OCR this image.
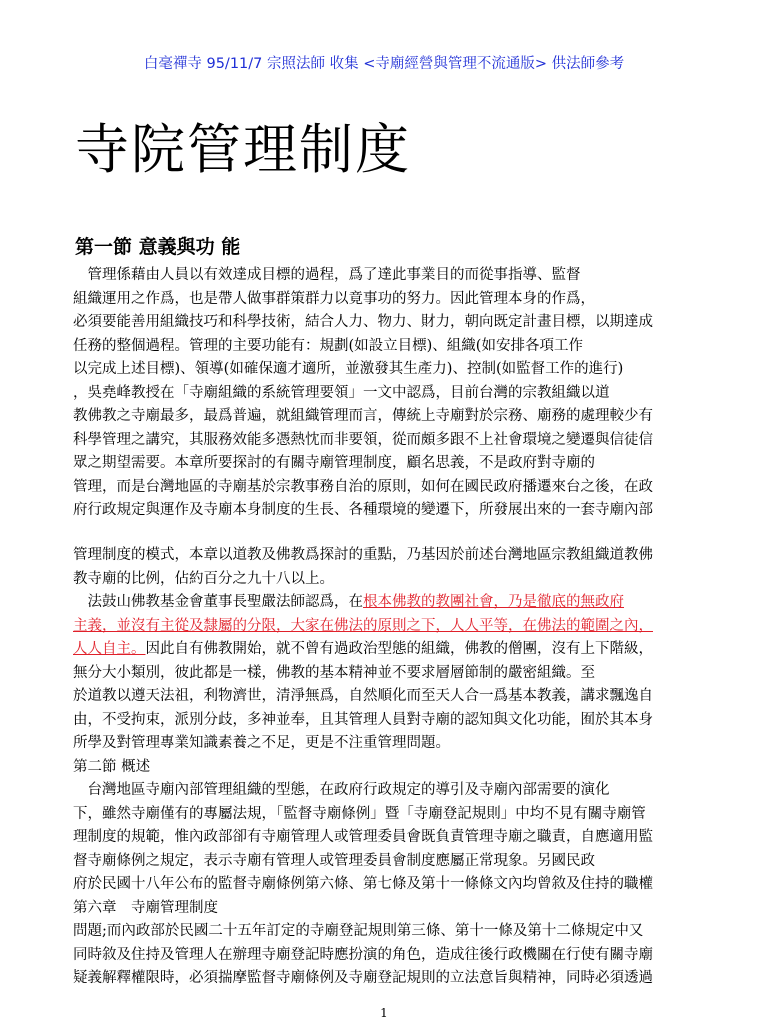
白毫禪寺 95/11/7 宗照法師 收集 <寺廟經營與管理不流通版> 供法師參考
寺院管理制度
第一節 意義與功 能
　管理係藉由人員以有效達成目標的過程，爲了達此事業目的而從事指導、監督
組織運用之作爲，也是帶人做事群策群力以竟事功的努力。因此管理本身的作爲，
必須要能善用組織技巧和科學技術，結合人力、物力、財力，朝向既定計畫目標，以期達成
任務的整個過程。管理的主要功能有：規劃(如設立目標)、組織(如安排各項工作
以完成上述目標)、領導(如確保適才適所，並激發其生產力)、控制(如監督工作的進行)
，吳堯峰教授在「寺廟組織的系統管理要領」一文中認爲，目前台灣的宗教組織以道
教佛教之寺廟最多，最爲普遍，就組織管理而言，傳統上寺廟對於宗務、廟務的處理較少有
科學管理之講究，其服務效能多憑熱忱而非要領，從而頗多跟不上社會環境之變遷與信徒信
眾之期望需要。本章所要探討的有關寺廟管理制度，顧名思義，不是政府對寺廟的
管理，而是台灣地區的寺廟基於宗教事務自治的原則，如何在國民政府播遷來台之後，在政
府行政規定與運作及寺廟本身制度的生長、各種環境的變遷下，所發展出來的一套寺廟內部
管理制度的模式，本章以道教及佛教爲探討的重點，乃基因於前述台灣地區宗教組織道教佛
教寺廟的比例，佔約百分之九十八以上。
　法鼓山佛教基金會董事長聖嚴法師認爲，在根本佛教的教團社會，乃是徹底的無政府
主義，並沒有主從及隸屬的分限，大家在佛法的原則之下，人人平等，在佛法的範圍之內，
人人自主。因此自有佛教開始，就不曾有過政治型態的組織，佛教的僧團，沒有上下階級，
無分大小類別，彼此都是一樣，佛教的基本精神並不要求層層節制的嚴密組織。至
於道教以遵天法祖，利物濟世，清淨無爲，自然順化而至天人合一爲基本教義，講求飄逸自
由，不受拘束，派別分歧，多神並奉，且其管理人員對寺廟的認知與文化功能，囿於其本身
所學及對管理專業知識素養之不足，更是不注重管理問題。
第二節 概述
　台灣地區寺廟內部管理組織的型態，在政府行政規定的導引及寺廟內部需要的演化
下，雖然寺廟僅有的專屬法規，「監督寺廟條例」暨「寺廟登記規則」中均不見有關寺廟管
理制度的規範，惟內政部卻有寺廟管理人或管理委員會既負責管理寺廟之職責，自應適用監
督寺廟條例之規定，表示寺廟有管理人或管理委員會制度應屬正常現象。另國民政
府於民國十八年公布的監督寺廟條例第六條、第七條及第十一條條文內均曾敘及住持的職權
第六章　寺廟管理制度
問題;而內政部於民國二十五年訂定的寺廟登記規則第三條、第十一條及第十二條規定中又
同時敘及住持及管理人在辦理寺廟登記時應扮演的角色，造成往後行政機關在行使有關寺廟
疑義解釋權限時，必須揣摩監督寺廟條例及寺廟登記規則的立法意旨與精神，同時必須透過
1
